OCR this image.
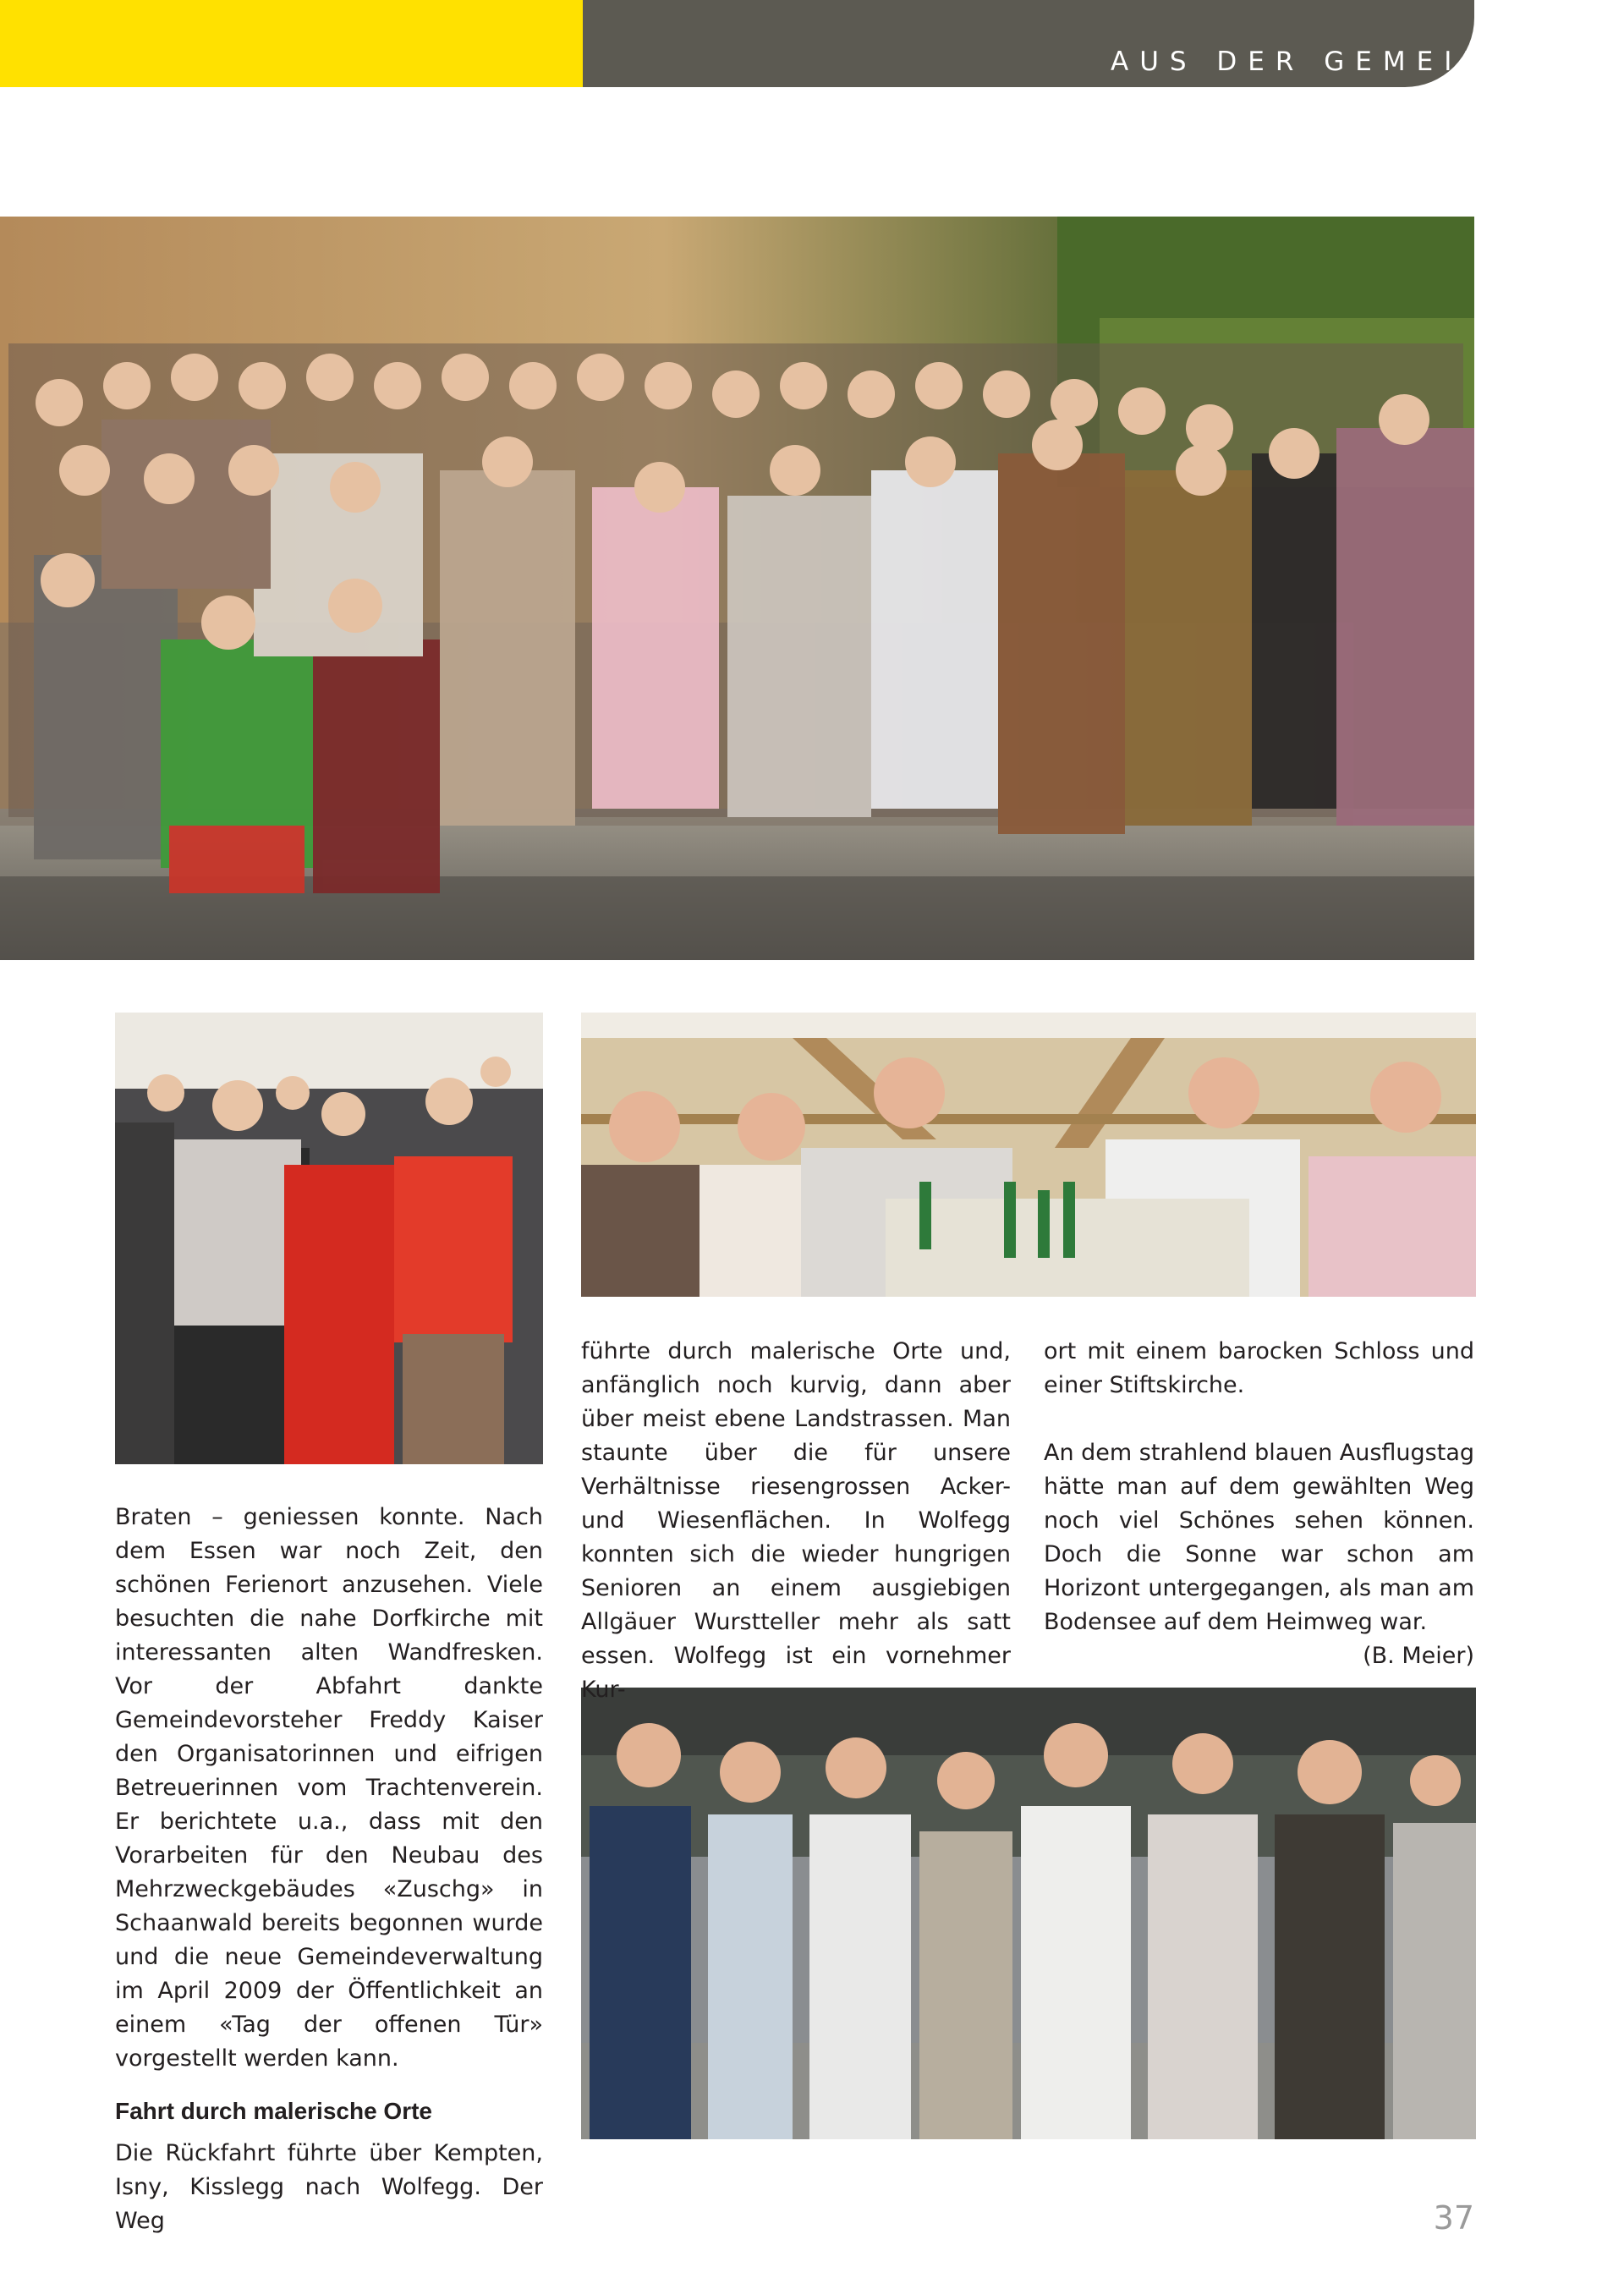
AUS DER GEMEINDE

Braten – geniessen konnte. Nach dem Essen war noch Zeit, den schönen Ferienort anzusehen. Viele besuchten die nahe Dorfkirche mit interessanten alten Wandfresken. Vor der Abfahrt dankte Gemeindevorsteher Freddy Kaiser den Organisatorinnen und eifrigen Betreuerinnen vom Trachtenverein. Er berichtete u.a., dass mit den Vorarbeiten für den Neubau des Mehrzweckgebäudes «Zuschg» in Schaanwald bereits begonnen wurde und die neue Gemeindeverwaltung im April 2009 der Öffentlichkeit an einem «Tag der offenen Tür» vorgestellt werden kann.

Fahrt durch malerische Orte

Die Rückfahrt führte über Kempten, Isny, Kisslegg nach Wolfegg. Der Weg

führte durch malerische Orte und, anfänglich noch kurvig, dann aber über meist ebene Landstrassen. Man staunte über die für unsere Verhältnisse riesengrossen Acker- und Wiesenflächen. In Wolfegg konnten sich die wieder hungrigen Senioren an einem ausgiebigen Allgäuer Wurstteller mehr als satt essen. Wolfegg ist ein vornehmer Kur-

ort mit einem barocken Schloss und einer Stiftskirche.

An dem strahlend blauen Ausflugstag hätte man auf dem gewählten Weg noch viel Schönes sehen können. Doch die Sonne war schon am Horizont untergegangen, als man am Bodensee auf dem Heimweg war.
(B. Meier)

37
